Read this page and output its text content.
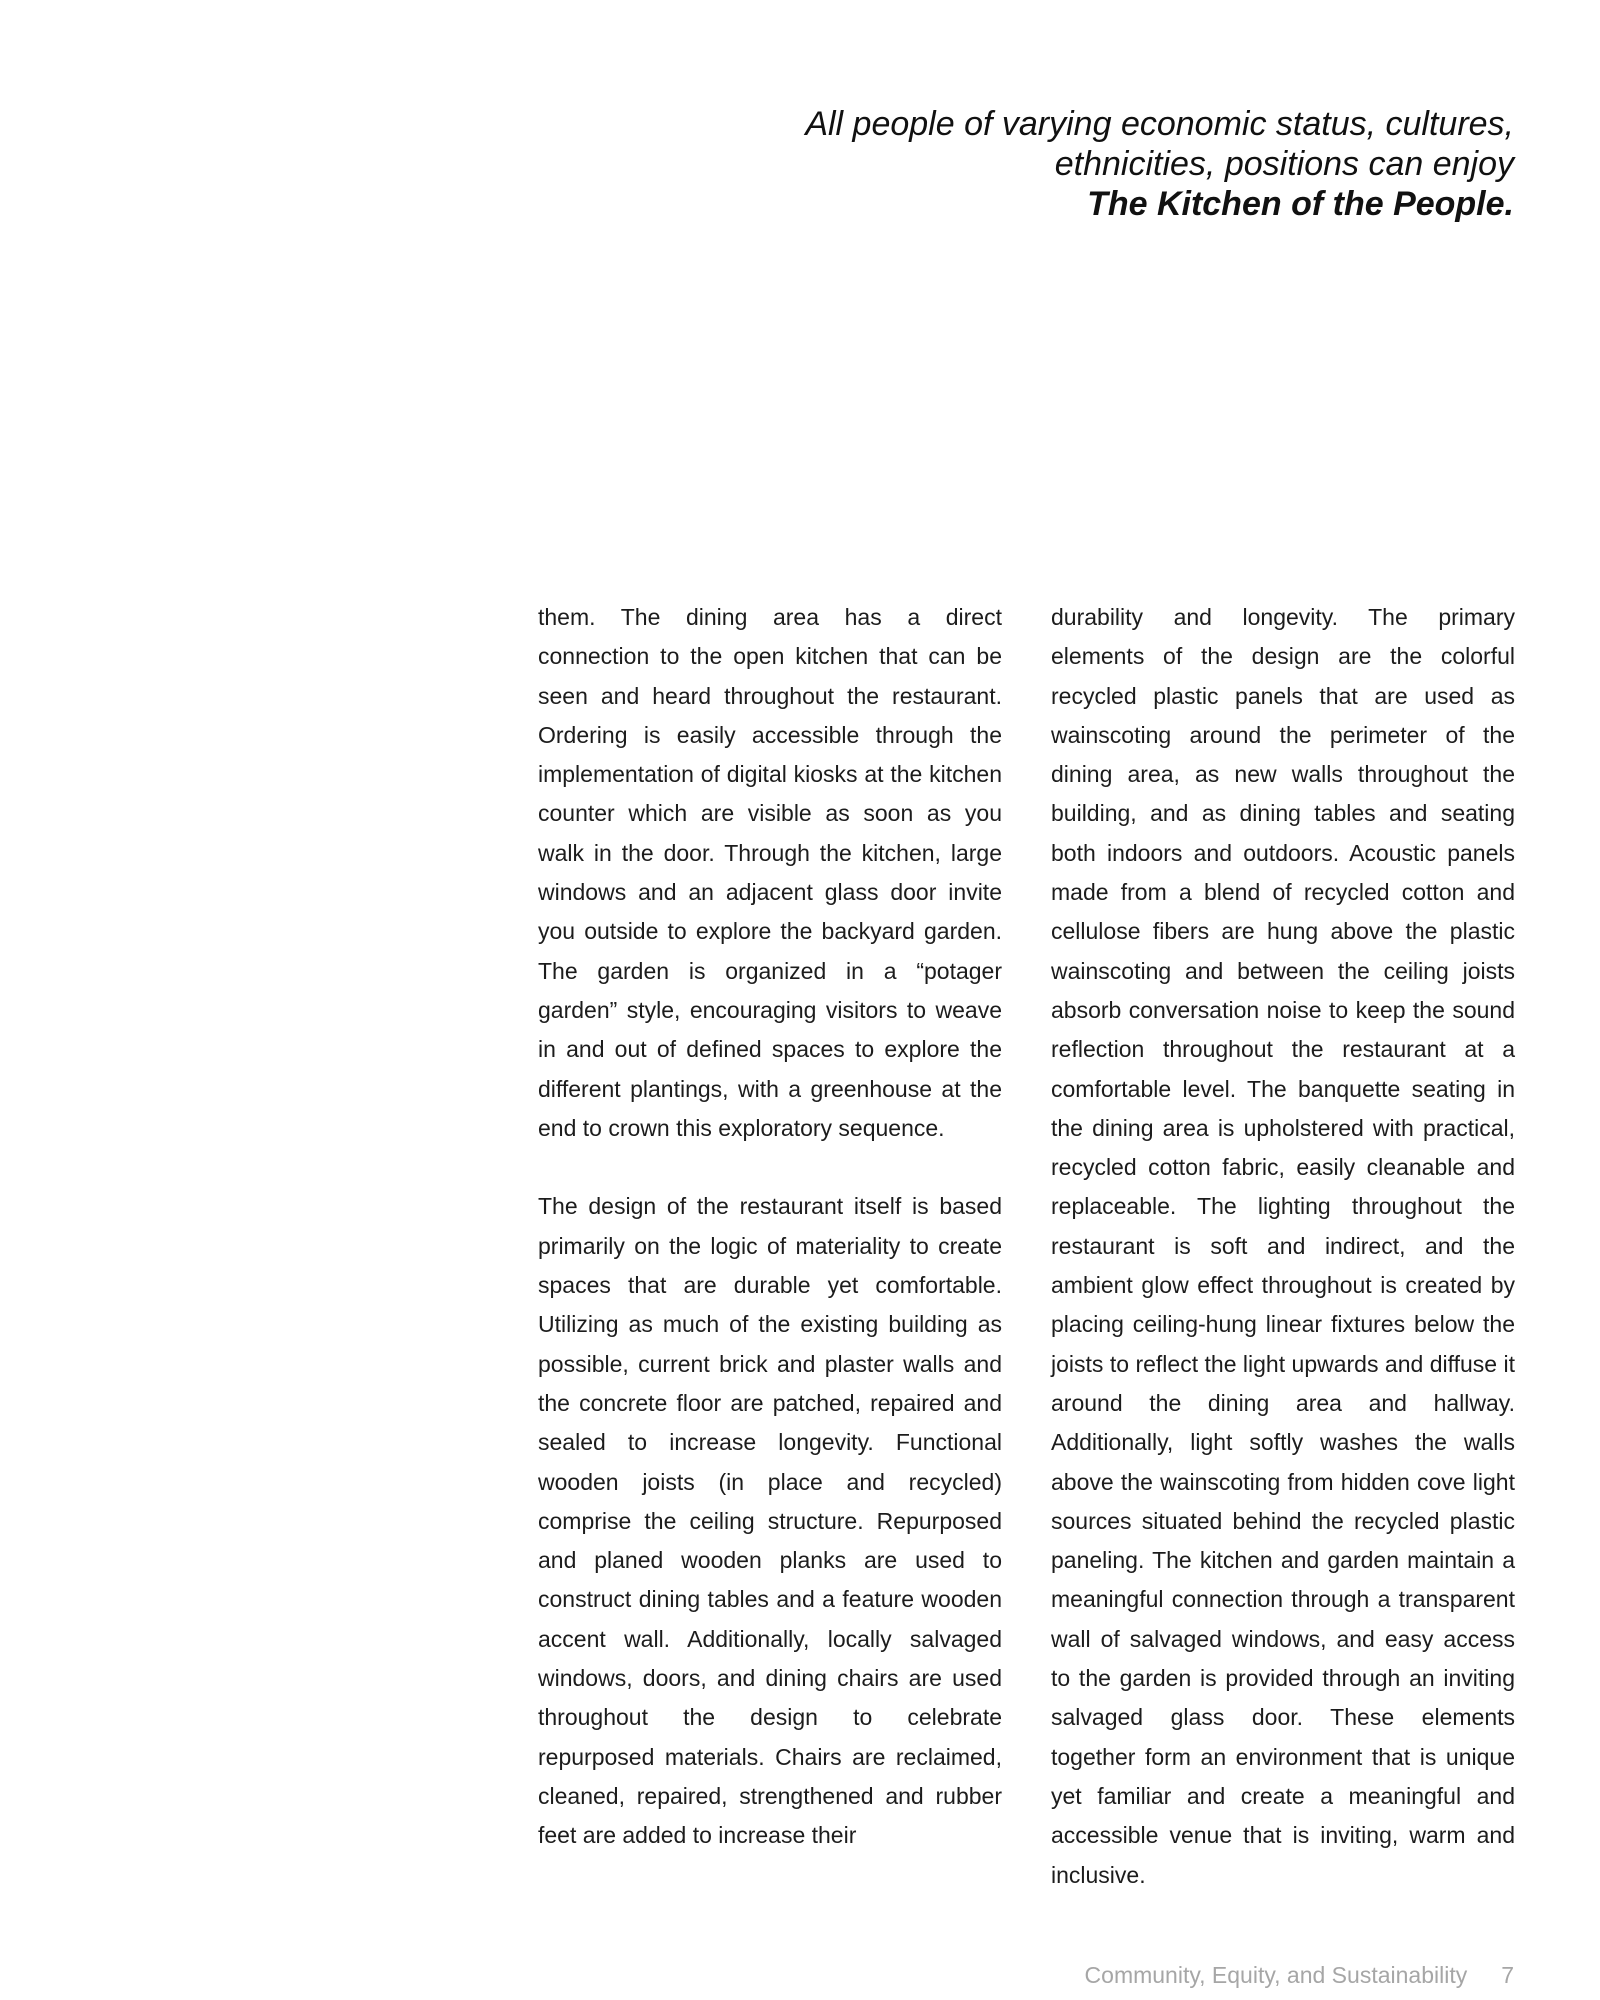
All people of varying economic status, cultures,
ethnicities, positions can enjoy
The Kitchen of the People.

them. The dining area has a direct connection to the open kitchen that can be seen and heard throughout the restaurant. Ordering is easily accessible through the implementation of digital kiosks at the kitchen counter which are visible as soon as you walk in the door. Through the kitchen, large windows and an adjacent glass door invite you outside to explore the backyard garden. The garden is organized in a “potager garden” style, encouraging visitors to weave in and out of defined spaces to explore the different plantings, with a greenhouse at the end to crown this exploratory sequence.

The design of the restaurant itself is based primarily on the logic of materiality to create spaces that are durable yet comfortable. Utilizing as much of the existing building as possible, current brick and plaster walls and the concrete floor are patched, repaired and sealed to increase longevity. Functional wooden joists (in place and recycled) comprise the ceiling structure. Repurposed and planed wooden planks are used to construct dining tables and a feature wooden accent wall. Additionally, locally salvaged windows, doors, and dining chairs are used throughout the design to celebrate repurposed materials. Chairs are reclaimed, cleaned, repaired, strengthened and rubber feet are added to increase their

durability and longevity. The primary elements of the design are the colorful recycled plastic panels that are used as wainscoting around the perimeter of the dining area, as new walls throughout the building, and as dining tables and seating both indoors and outdoors. Acoustic panels made from a blend of recycled cotton and cellulose fibers are hung above the plastic wainscoting and between the ceiling joists absorb conversation noise to keep the sound reflection throughout the restaurant at a comfortable level. The banquette seating in the dining area is upholstered with practical, recycled cotton fabric, easily cleanable and replaceable. The lighting throughout the restaurant is soft and indirect, and the ambient glow effect throughout is created by placing ceiling-hung linear fixtures below the joists to reflect the light upwards and diffuse it around the dining area and hallway. Additionally, light softly washes the walls above the wainscoting from hidden cove light sources situated behind the recycled plastic paneling. The kitchen and garden maintain a meaningful connection through a transparent wall of salvaged windows, and easy access to the garden is provided through an inviting salvaged glass door. These elements together form an environment that is unique yet familiar and create a meaningful and accessible venue that is inviting, warm and inclusive.

Community, Equity, and Sustainability 7
